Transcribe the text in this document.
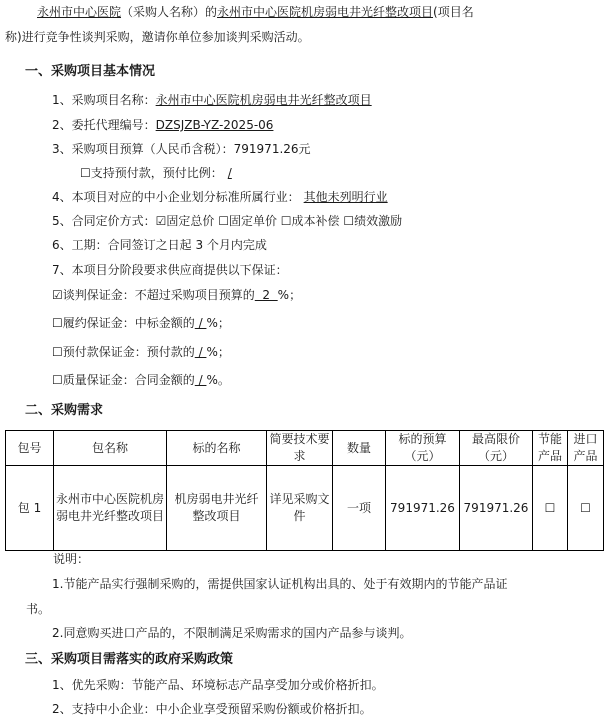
永州市中心医院（采购人名称）的永州市中心医院机房弱电井光纤整改项目(项目名
称)进行竞争性谈判采购，邀请你单位参加谈判采购活动。
一、采购项目基本情况
1、采购项目名称：永州市中心医院机房弱电井光纤整改项目
2、委托代理编号：DZSJZB-YZ-2025-06
3、采购项目预算（人民币含税）：791971.26元
☐支持预付款，预付比例： /
4、本项目对应的中小企业划分标准所属行业： 其他未列明行业
5、合同定价方式：☑固定总价 ☐固定单价 ☐成本补偿 ☐绩效激励
6、工期：合同签订之日起 3 个月内完成
7、本项目分阶段要求供应商提供以下保证：
☑谈判保证金：不超过采购项目预算的  2  %；
☐履约保证金：中标金额的 / %；
☐预付款保证金：预付款的 / %；
☐质量保证金：合同金额的 / %。
二、采购需求
包号	包名称	标的名称	简要技术要求	数量	标的预算（元）	最高限价（元）	节能产品	进口产品
包 1	永州市中心医院机房弱电井光纤整改项目	机房弱电井光纤整改项目	详见采购文件	一项	791971.26	791971.26	☐	☐
说明：
1.节能产品实行强制采购的，需提供国家认证机构出具的、处于有效期内的节能产品证
书。
2.同意购买进口产品的，不限制满足采购需求的国内产品参与谈判。
三、采购项目需落实的政府采购政策
1、优先采购：节能产品、环境标志产品享受加分或价格折扣。
2、支持中小企业：中小企业享受预留采购份额或价格折扣。
